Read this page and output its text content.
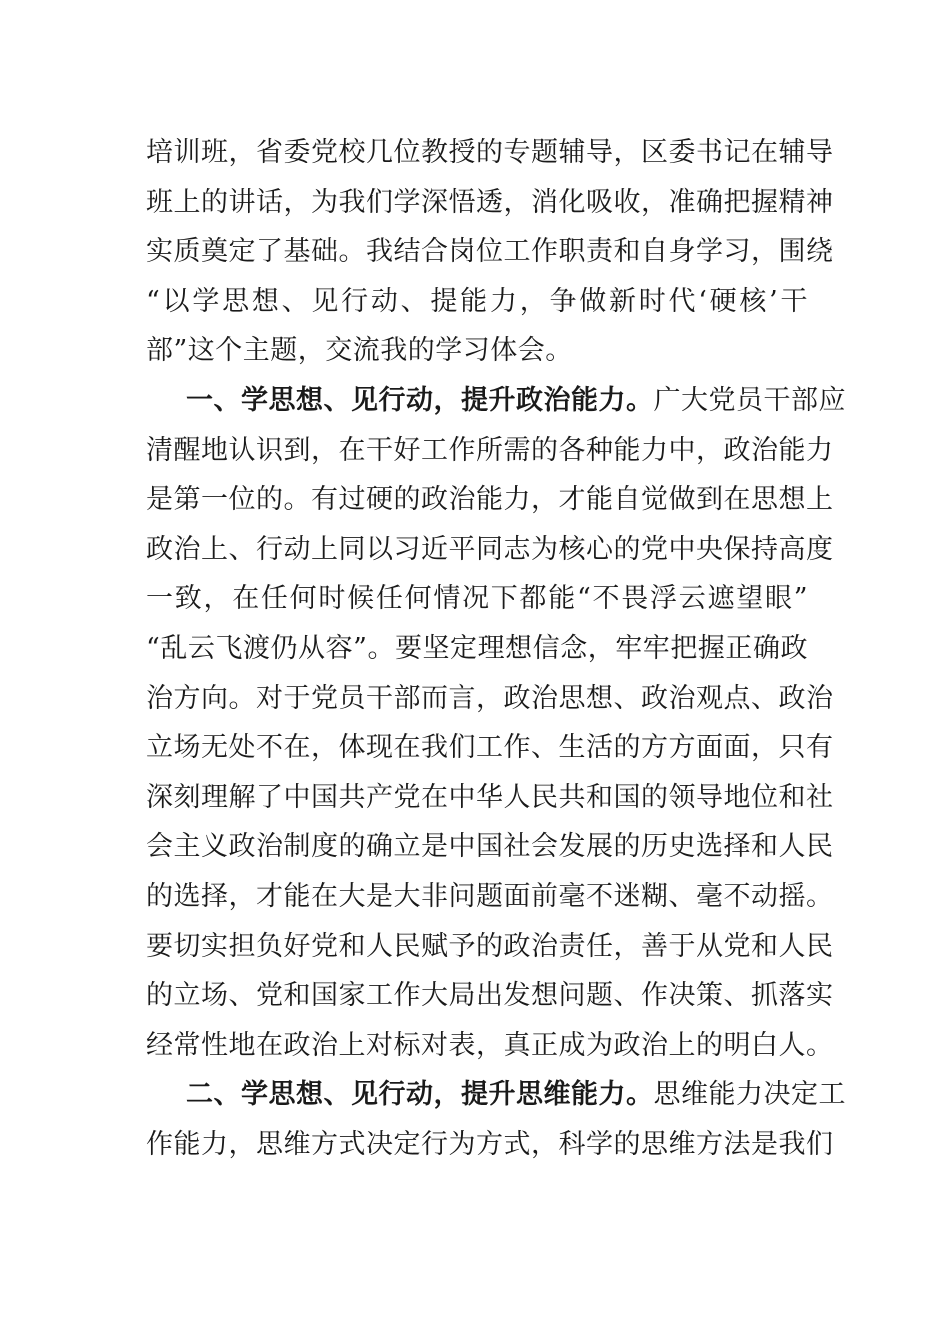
培训班，省委党校几位教授的专题辅导，区委书记在辅导
班上的讲话，为我们学深悟透，消化吸收，准确把握精神
实质奠定了基础。我结合岗位工作职责和自身学习，围绕
“以学思想、见行动、提能力，争做新时代‘硬核’干
部”这个主题，交流我的学习体会。
一、学思想、见行动，提升政治能力。广大党员干部应
清醒地认识到，在干好工作所需的各种能力中，政治能力
是第一位的。有过硬的政治能力，才能自觉做到在思想上
政治上、行动上同以习近平同志为核心的党中央保持高度
一致，在任何时候任何情况下都能“不畏浮云遮望眼”
“乱云飞渡仍从容”。要坚定理想信念，牢牢把握正确政
治方向。对于党员干部而言，政治思想、政治观点、政治
立场无处不在，体现在我们工作、生活的方方面面，只有
深刻理解了中国共产党在中华人民共和国的领导地位和社
会主义政治制度的确立是中国社会发展的历史选择和人民
的选择，才能在大是大非问题面前毫不迷糊、毫不动摇。
要切实担负好党和人民赋予的政治责任，善于从党和人民
的立场、党和国家工作大局出发想问题、作决策、抓落实
经常性地在政治上对标对表，真正成为政治上的明白人。
二、学思想、见行动，提升思维能力。思维能力决定工
作能力，思维方式决定行为方式，科学的思维方法是我们
